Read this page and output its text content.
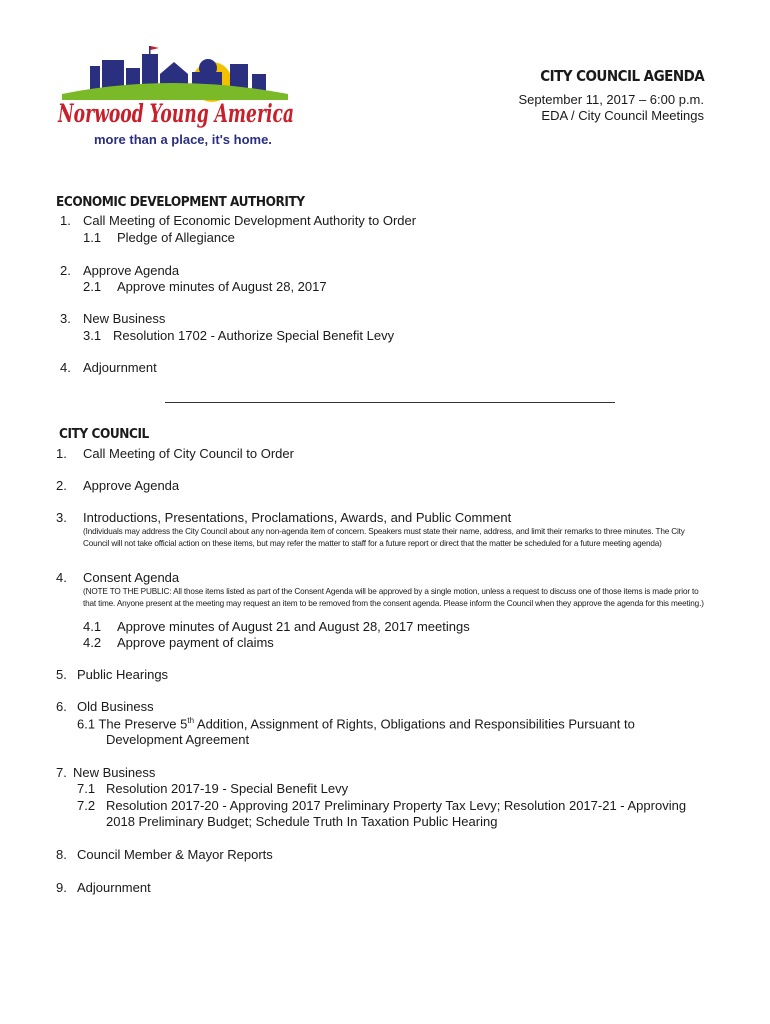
Norwood Young America
more than a place, it's home.
CITY COUNCIL AGENDA
September 11, 2017 – 6:00 p.m.
EDA / City Council Meetings
ECONOMIC DEVELOPMENT AUTHORITY
1. Call Meeting of Economic Development Authority to Order
1.1 Pledge of Allegiance
2. Approve Agenda
2.1 Approve minutes of August 28, 2017
3. New Business
3.1 Resolution 1702 - Authorize Special Benefit Levy
4. Adjournment
CITY COUNCIL
1. Call Meeting of City Council to Order
2. Approve Agenda
3. Introductions, Presentations, Proclamations, Awards, and Public Comment
(Individuals may address the City Council about any non-agenda item of concern. Speakers must state their name, address, and limit their remarks to three minutes. The City Council will not take official action on these items, but may refer the matter to staff for a future report or direct that the matter be scheduled for a future meeting agenda)
4. Consent Agenda
(NOTE TO THE PUBLIC: All those items listed as part of the Consent Agenda will be approved by a single motion, unless a request to discuss one of those items is made prior to that time. Anyone present at the meeting may request an item to be removed from the consent agenda. Please inform the Council when they approve the agenda for this meeting.)
4.1 Approve minutes of August 21 and August 28, 2017 meetings
4.2 Approve payment of claims
5. Public Hearings
6. Old Business
6.1 The Preserve 5th Addition, Assignment of Rights, Obligations and Responsibilities Pursuant to
Development Agreement
7. New Business
7.1 Resolution 2017-19 - Special Benefit Levy
7.2 Resolution 2017-20 - Approving 2017 Preliminary Property Tax Levy; Resolution 2017-21 - Approving
2018 Preliminary Budget; Schedule Truth In Taxation Public Hearing
8. Council Member & Mayor Reports
9. Adjournment
